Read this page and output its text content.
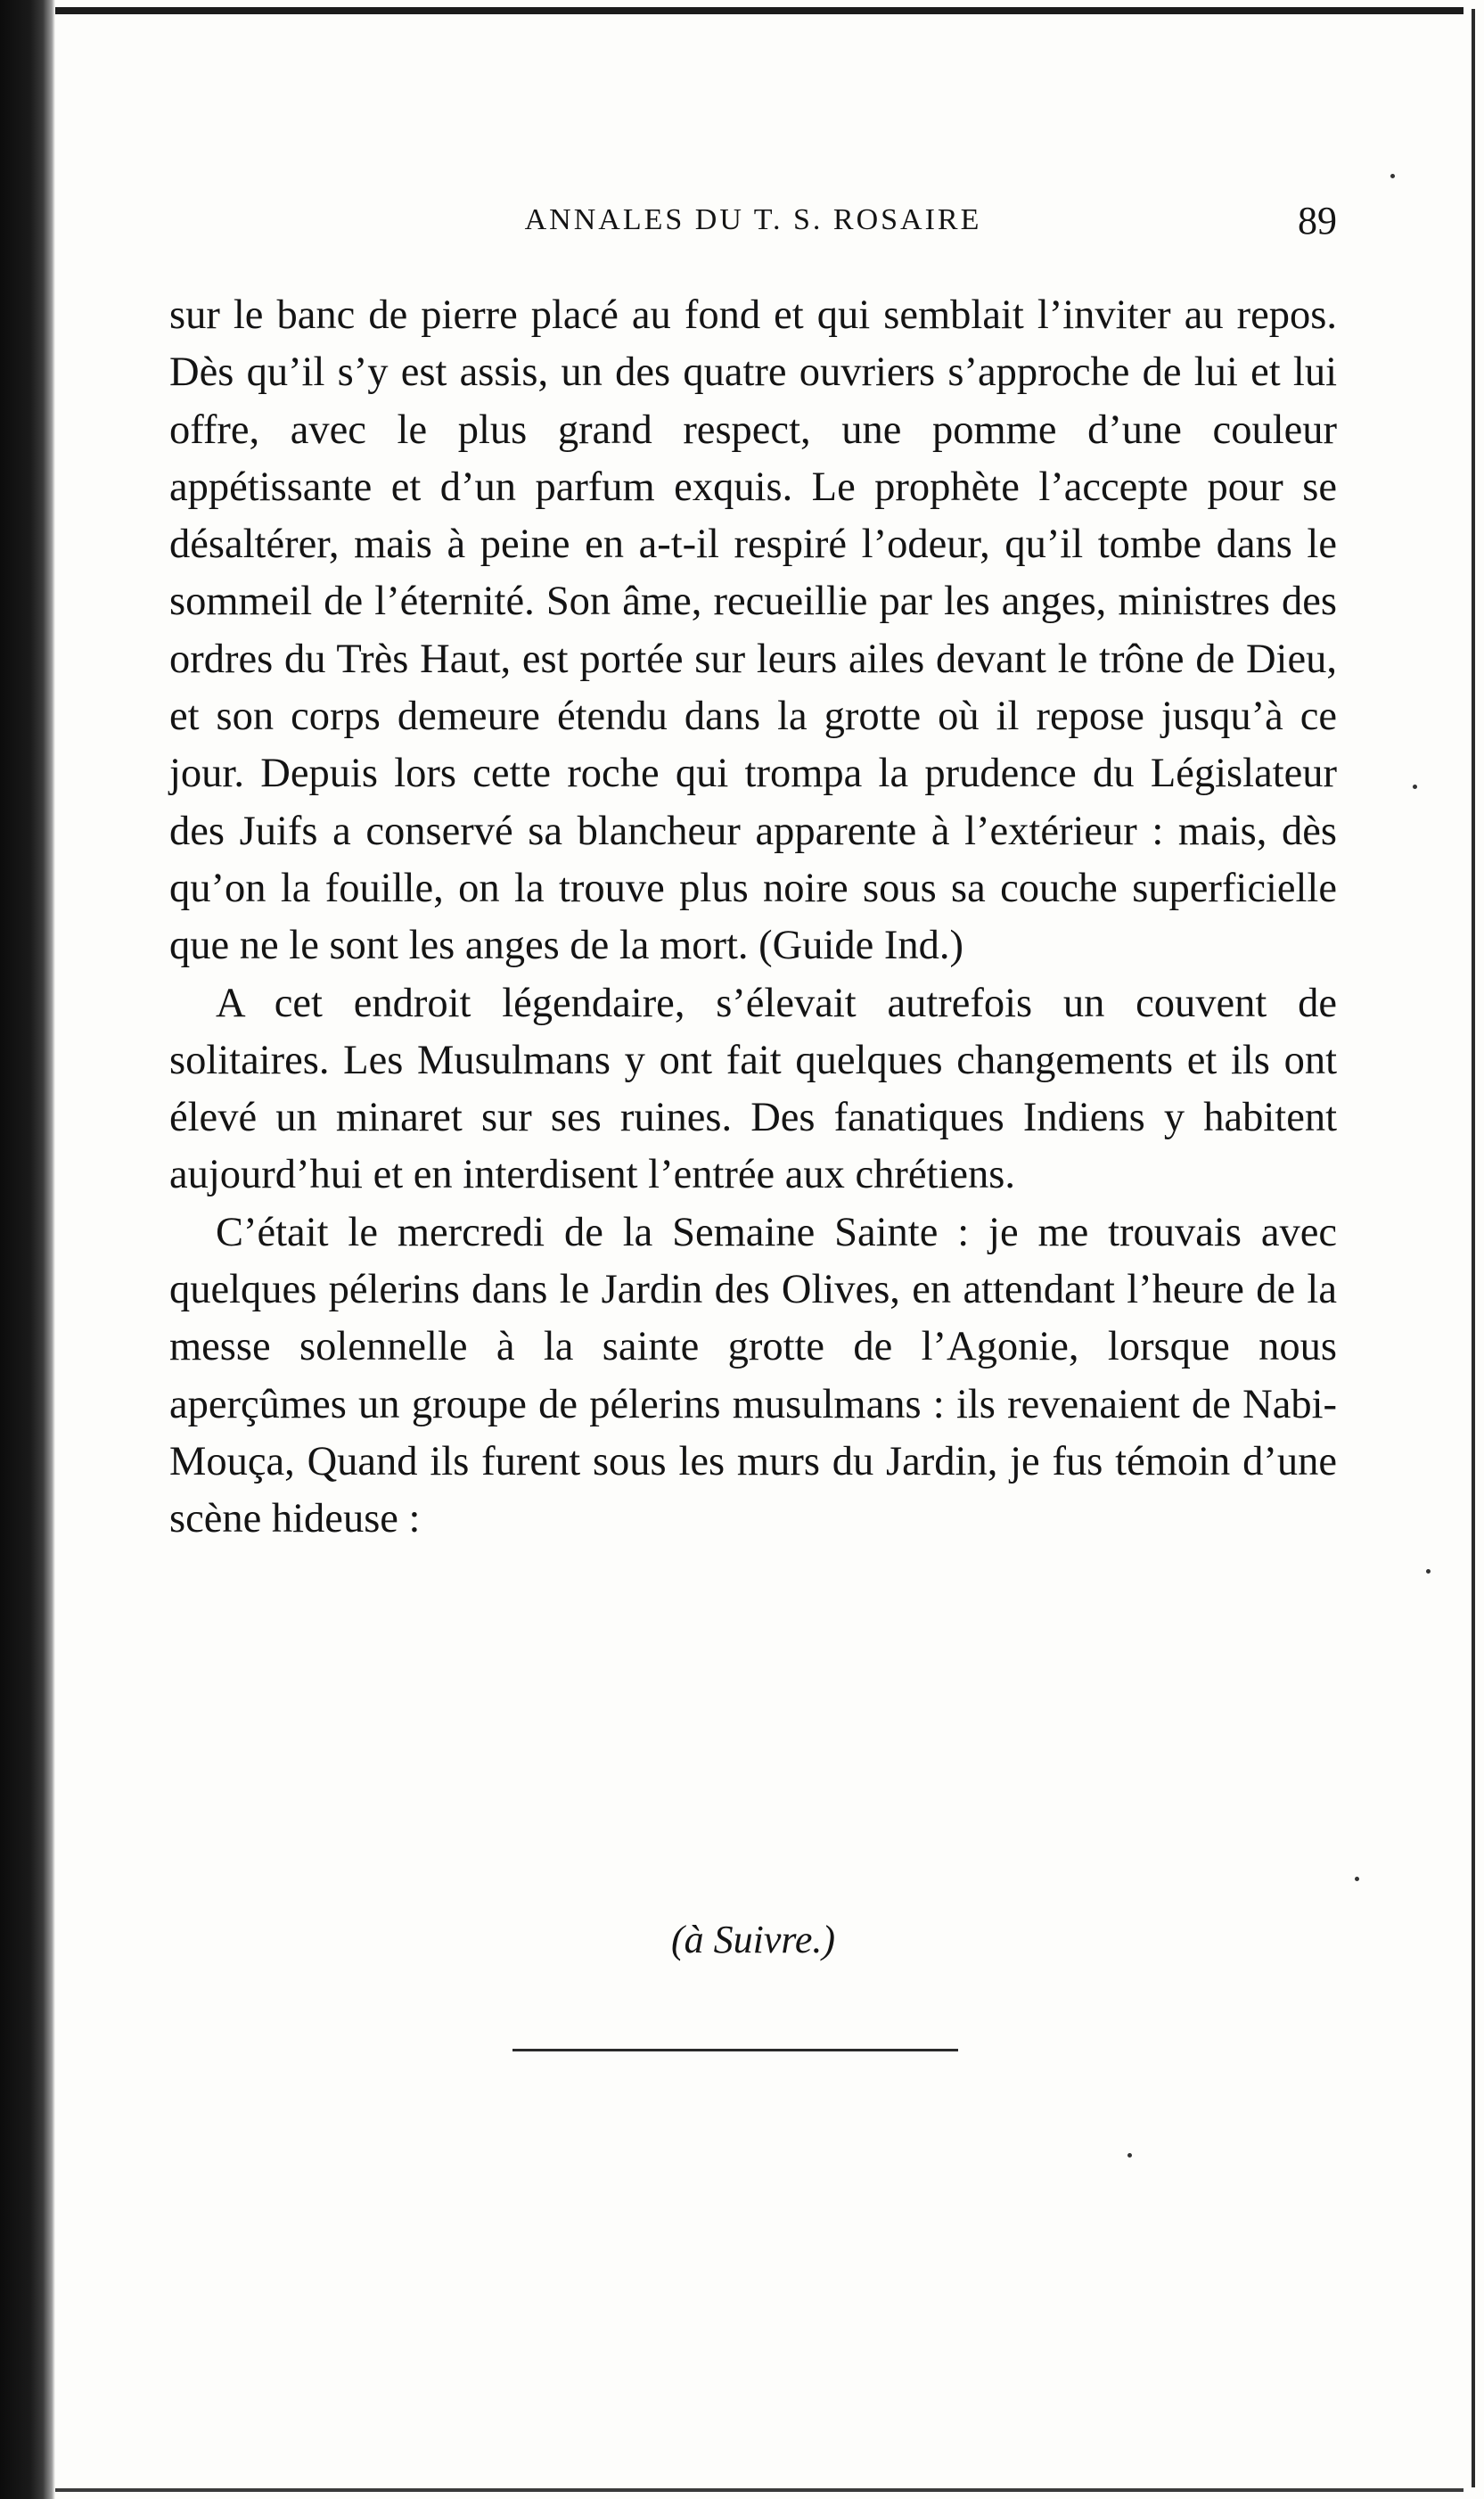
ANNALES DU T. S. ROSAIRE	89

sur le banc de pierre placé au fond et qui semblait l’inviter au repos. Dès qu’il s’y est assis, un des quatre ouvriers s’approche de lui et lui offre, avec le plus grand respect, une pomme d’une couleur appétissante et d’un parfum exquis. Le prophète l’accepte pour se désaltérer, mais à peine en a-t-il respiré l’odeur, qu’il tombe dans le sommeil de l’éternité. Son âme, recueillie par les anges, ministres des ordres du Très Haut, est portée sur leurs ailes devant le trône de Dieu, et son corps demeure étendu dans la grotte où il repose jusqu’à ce jour. Depuis lors cette roche qui trompa la prudence du Législateur des Juifs a conservé sa blancheur apparente à l’extérieur : mais, dès qu’on la fouille, on la trouve plus noire sous sa couche superficielle que ne le sont les anges de la mort. (Guide Ind.)

A cet endroit légendaire, s’élevait autrefois un couvent de solitaires. Les Musulmans y ont fait quelques changements et ils ont élevé un minaret sur ses ruines. Des fanatiques Indiens y habitent aujourd’hui et en interdisent l’entrée aux chrétiens.

C’était le mercredi de la Semaine Sainte : je me trouvais avec quelques pélerins dans le Jardin des Olives, en attendant l’heure de la messe solennelle à la sainte grotte de l’Agonie, lorsque nous aperçûmes un groupe de pélerins musulmans : ils revenaient de Nabi-Mouça, Quand ils furent sous les murs du Jardin, je fus témoin d’une scène hideuse :

(à Suivre.)
